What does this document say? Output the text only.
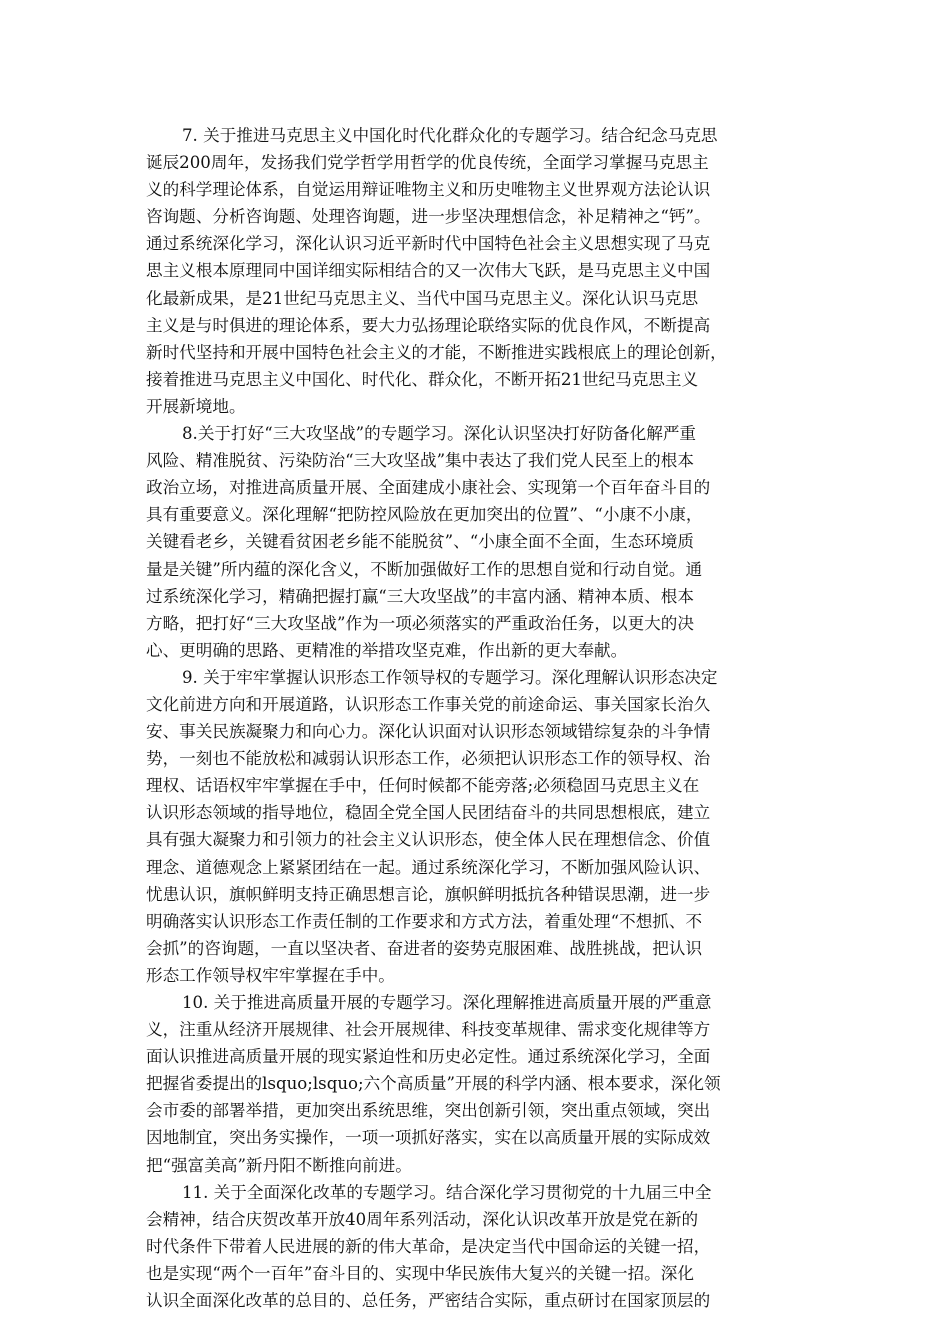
7. 关于推进马克思主义中国化时代化群众化的专题学习。结合纪念马克思
诞辰200周年，发扬我们党学哲学用哲学的优良传统，全面学习掌握马克思主
义的科学理论体系，自觉运用辩证唯物主义和历史唯物主义世界观方法论认识
咨询题、分析咨询题、处理咨询题，进一步坚决理想信念，补足精神之“钙”。
通过系统深化学习，深化认识习近平新时代中国特色社会主义思想实现了马克
思主义根本原理同中国详细实际相结合的又一次伟大飞跃，是马克思主义中国
化最新成果，是21世纪马克思主义、当代中国马克思主义。深化认识马克思
主义是与时俱进的理论体系，要大力弘扬理论联络实际的优良作风，不断提高
新时代坚持和开展中国特色社会主义的才能，不断推进实践根底上的理论创新，
接着推进马克思主义中国化、时代化、群众化，不断开拓21世纪马克思主义
开展新境地。
8.关于打好“三大攻坚战”的专题学习。深化认识坚决打好防备化解严重
风险、精准脱贫、污染防治“三大攻坚战”集中表达了我们党人民至上的根本
政治立场，对推进高质量开展、全面建成小康社会、实现第一个百年奋斗目的
具有重要意义。深化理解“把防控风险放在更加突出的位置”、“小康不小康，
关键看老乡，关键看贫困老乡能不能脱贫”、“小康全面不全面，生态环境质
量是关键”所内蕴的深化含义，不断加强做好工作的思想自觉和行动自觉。通
过系统深化学习，精确把握打赢“三大攻坚战”的丰富内涵、精神本质、根本
方略，把打好“三大攻坚战”作为一项必须落实的严重政治任务，以更大的决
心、更明确的思路、更精准的举措攻坚克难，作出新的更大奉献。
9. 关于牢牢掌握认识形态工作领导权的专题学习。深化理解认识形态决定
文化前进方向和开展道路，认识形态工作事关党的前途命运、事关国家长治久
安、事关民族凝聚力和向心力。深化认识面对认识形态领域错综复杂的斗争情
势，一刻也不能放松和减弱认识形态工作，必须把认识形态工作的领导权、治
理权、话语权牢牢掌握在手中，任何时候都不能旁落;必须稳固马克思主义在
认识形态领域的指导地位，稳固全党全国人民团结奋斗的共同思想根底，建立
具有强大凝聚力和引领力的社会主义认识形态，使全体人民在理想信念、价值
理念、道德观念上紧紧团结在一起。通过系统深化学习，不断加强风险认识、
忧患认识，旗帜鲜明支持正确思想言论，旗帜鲜明抵抗各种错误思潮，进一步
明确落实认识形态工作责任制的工作要求和方式方法，着重处理“不想抓、不
会抓”的咨询题，一直以坚决者、奋进者的姿势克服困难、战胜挑战，把认识
形态工作领导权牢牢掌握在手中。
10. 关于推进高质量开展的专题学习。深化理解推进高质量开展的严重意
义，注重从经济开展规律、社会开展规律、科技变革规律、需求变化规律等方
面认识推进高质量开展的现实紧迫性和历史必定性。通过系统深化学习，全面
把握省委提出的lsquo;lsquo;六个高质量”开展的科学内涵、根本要求，深化领
会市委的部署举措，更加突出系统思维，突出创新引领，突出重点领域，突出
因地制宜，突出务实操作，一项一项抓好落实，实在以高质量开展的实际成效
把“强富美高”新丹阳不断推向前进。
11. 关于全面深化改革的专题学习。结合深化学习贯彻党的十九届三中全
会精神，结合庆贺改革开放40周年系列活动，深化认识改革开放是党在新的
时代条件下带着人民进展的新的伟大革命，是决定当代中国命运的关键一招，
也是实现“两个一百年”奋斗目的、实现中华民族伟大复兴的关键一招。深化
认识全面深化改革的总目的、总任务，严密结合实际，重点研讨在国家顶层的
